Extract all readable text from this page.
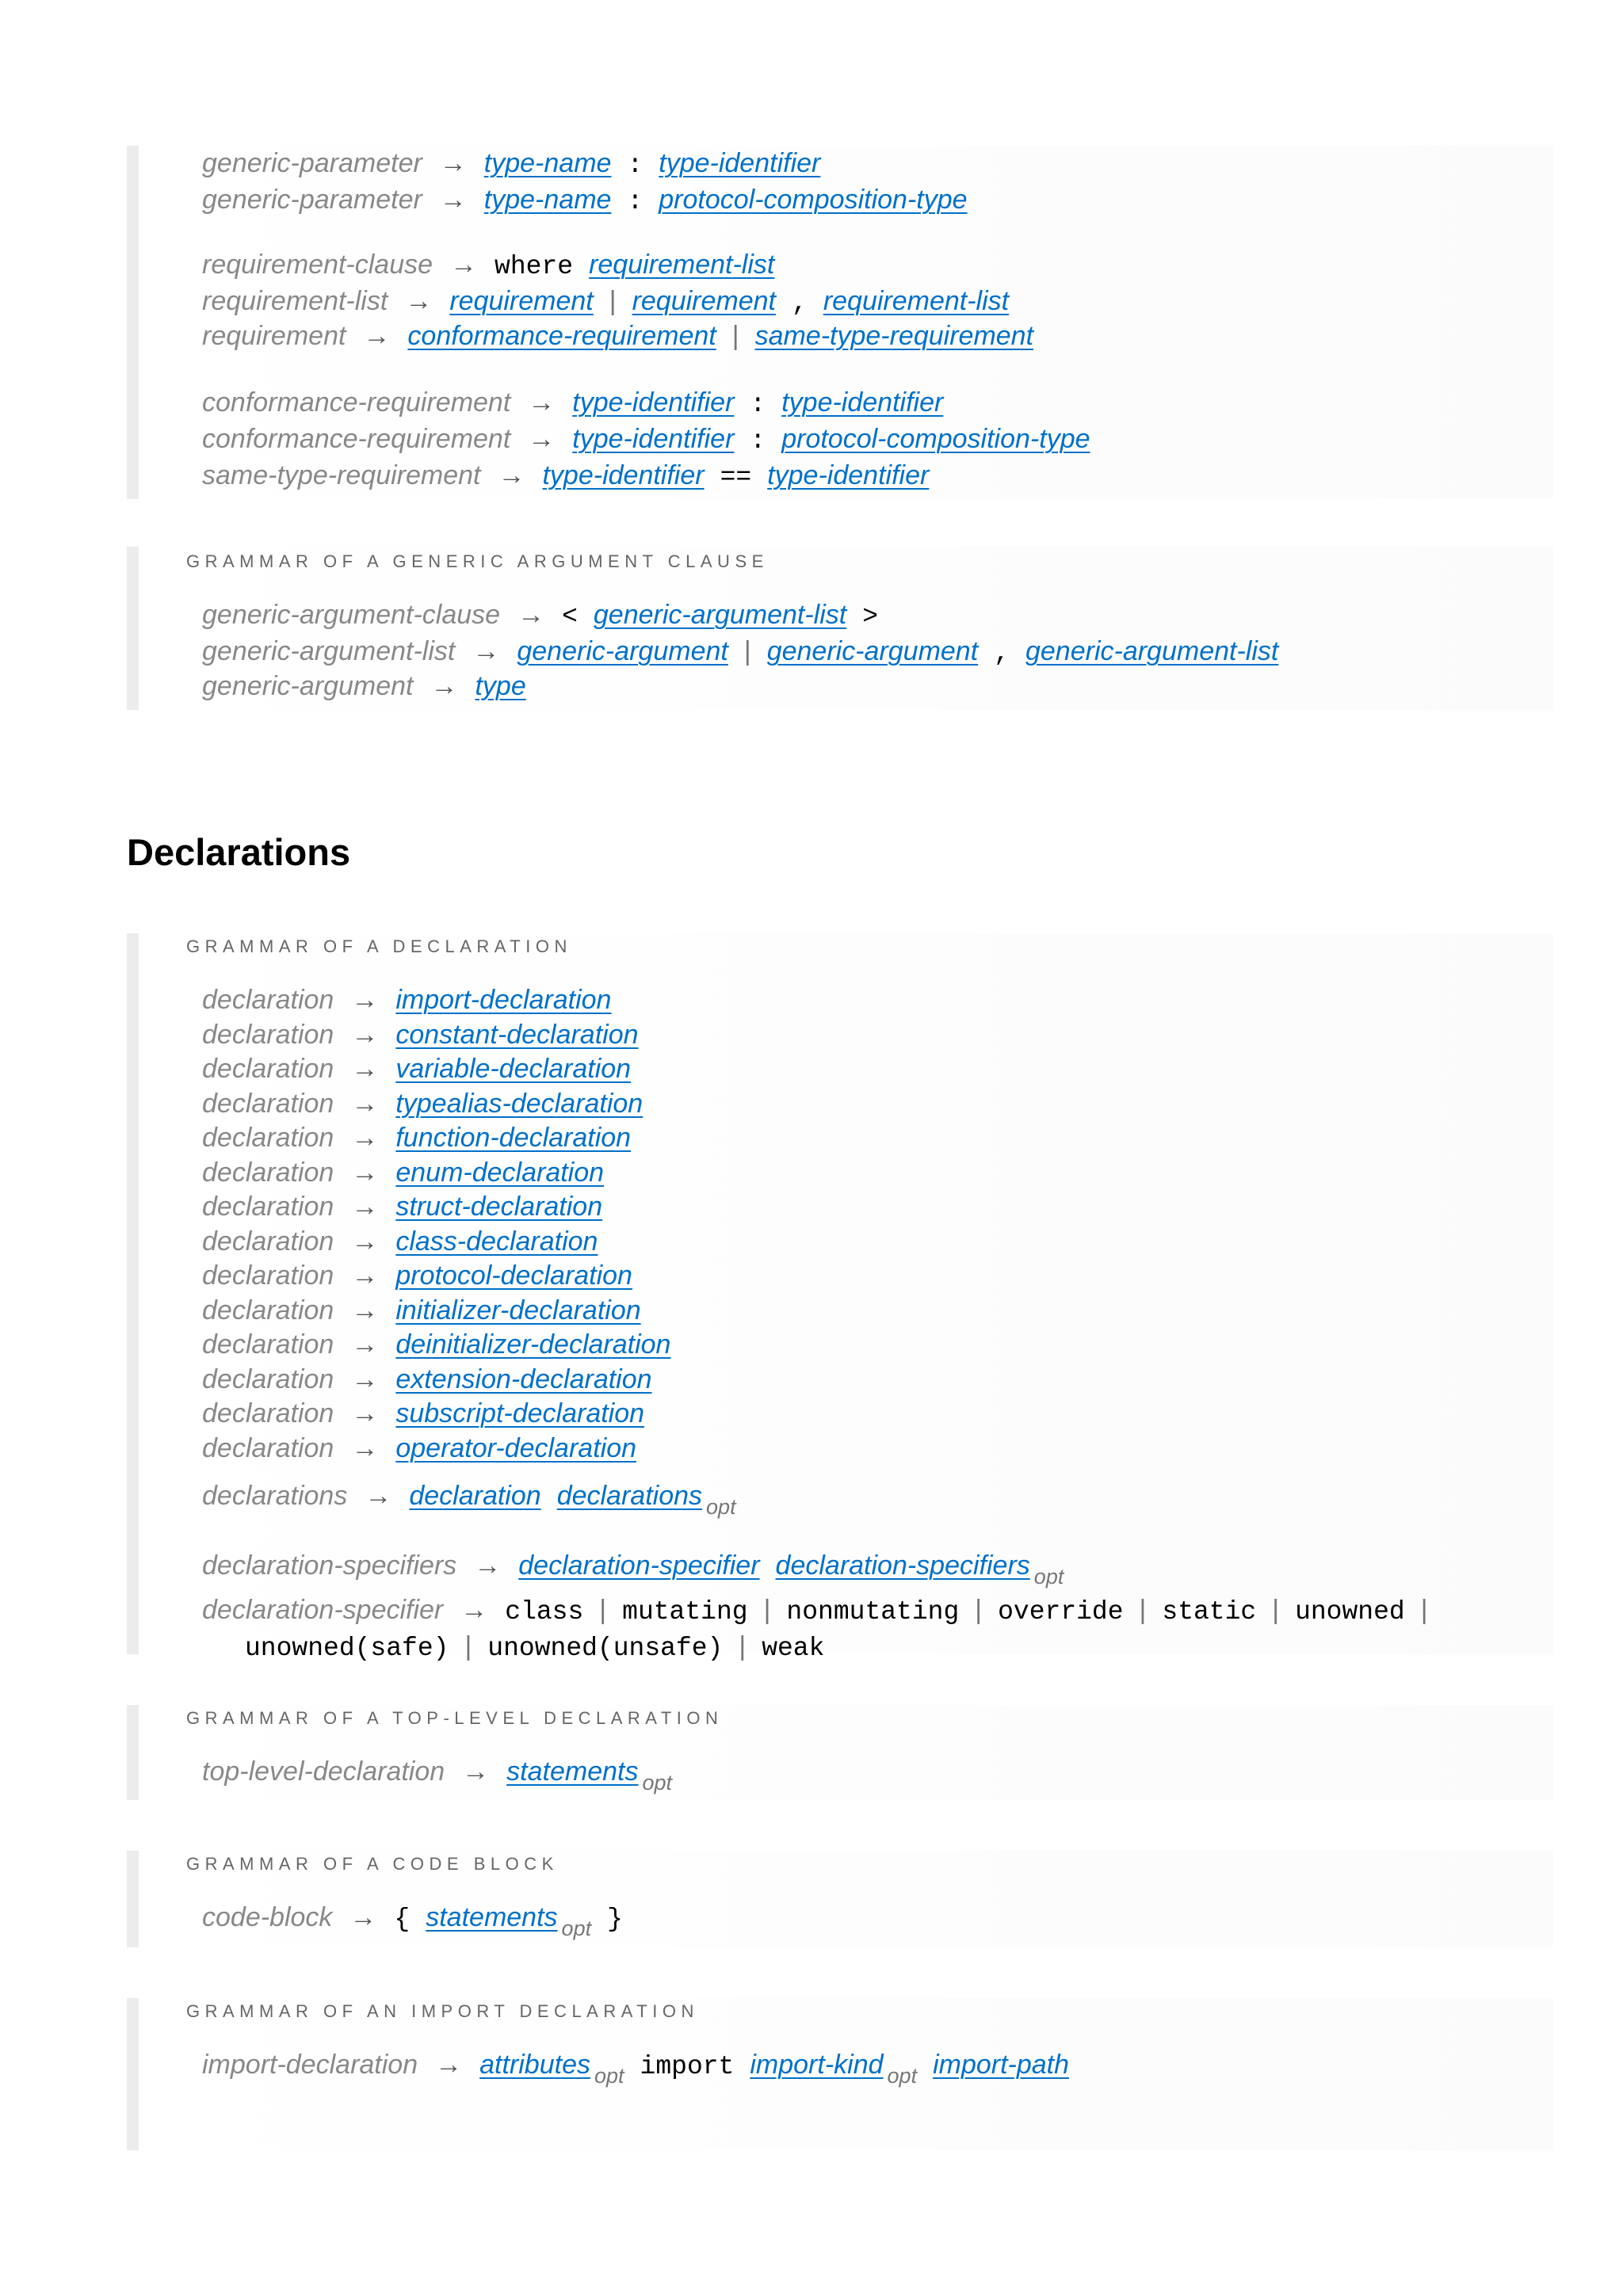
generic-parameter → type-name : type-identifier
generic-parameter → type-name : protocol-composition-type
requirement-clause → where requirement-list
requirement-list → requirement | requirement , requirement-list
requirement → conformance-requirement | same-type-requirement
conformance-requirement → type-identifier : type-identifier
conformance-requirement → type-identifier : protocol-composition-type
same-type-requirement → type-identifier == type-identifier
GRAMMAR OF A GENERIC ARGUMENT CLAUSE
generic-argument-clause → < generic-argument-list >
generic-argument-list → generic-argument | generic-argument , generic-argument-list
generic-argument → type
Declarations
GRAMMAR OF A DECLARATION
declaration → import-declaration
declaration → constant-declaration
declaration → variable-declaration
declaration → typealias-declaration
declaration → function-declaration
declaration → enum-declaration
declaration → struct-declaration
declaration → class-declaration
declaration → protocol-declaration
declaration → initializer-declaration
declaration → deinitializer-declaration
declaration → extension-declaration
declaration → subscript-declaration
declaration → operator-declaration
declarations → declaration declarations $_{opt}$
declaration-specifiers → declaration-specifier declaration-specifiers $_{opt}$
declaration-specifier → class | mutating | nonmutating | override | static | unowned |
unowned(safe) | unowned(unsafe) | weak
GRAMMAR OF A TOP-LEVEL DECLARATION
top-level-declaration → statements $_{opt}$
GRAMMAR OF A CODE BLOCK
code-block → { statements $_{opt}$ }
GRAMMAR OF AN IMPORT DECLARATION
import-declaration → attributes $_{opt}$ import import-kind $_{opt}$ import-path
